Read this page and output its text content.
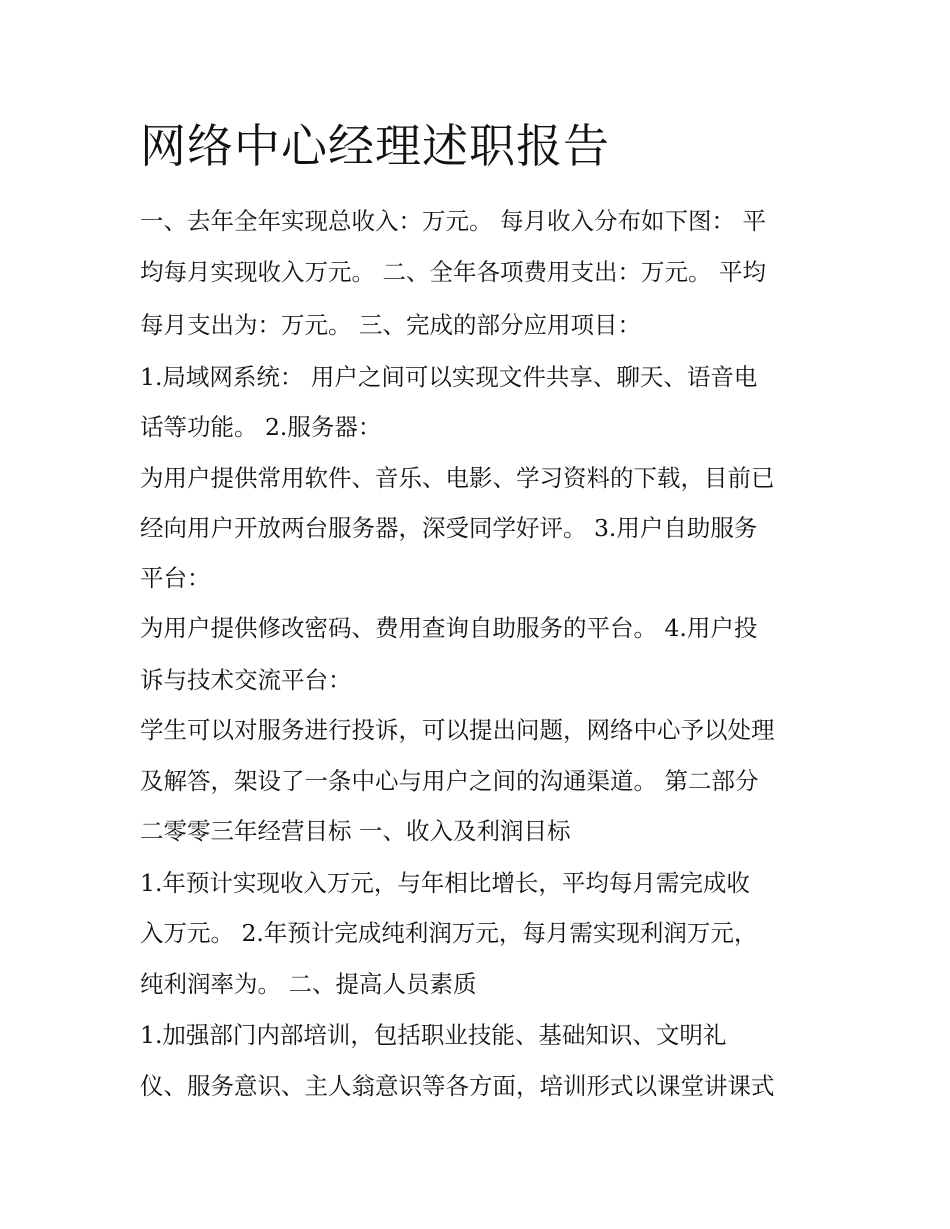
网络中心经理述职报告

一、去年全年实现总收入：万元。 每月收入分布如下图： 平

均每月实现收入万元。 二、全年各项费用支出：万元。 平均

每月支出为：万元。 三、完成的部分应用项目：

1.局域网系统： 用户之间可以实现文件共享、聊天、语音电

话等功能。 2.服务器：

为用户提供常用软件、音乐、电影、学习资料的下载，目前已

经向用户开放两台服务器，深受同学好评。 3.用户自助服务

平台：

为用户提供修改密码、费用查询自助服务的平台。 4.用户投

诉与技术交流平台：

学生可以对服务进行投诉，可以提出问题，网络中心予以处理

及解答，架设了一条中心与用户之间的沟通渠道。 第二部分

二零零三年经营目标 一、收入及利润目标

1.年预计实现收入万元，与年相比增长，平均每月需完成收

入万元。 2.年预计完成纯利润万元，每月需实现利润万元，

纯利润率为。 二、提高人员素质

1.加强部门内部培训，包括职业技能、基础知识、文明礼

仪、服务意识、主人翁意识等各方面，培训形式以课堂讲课式
